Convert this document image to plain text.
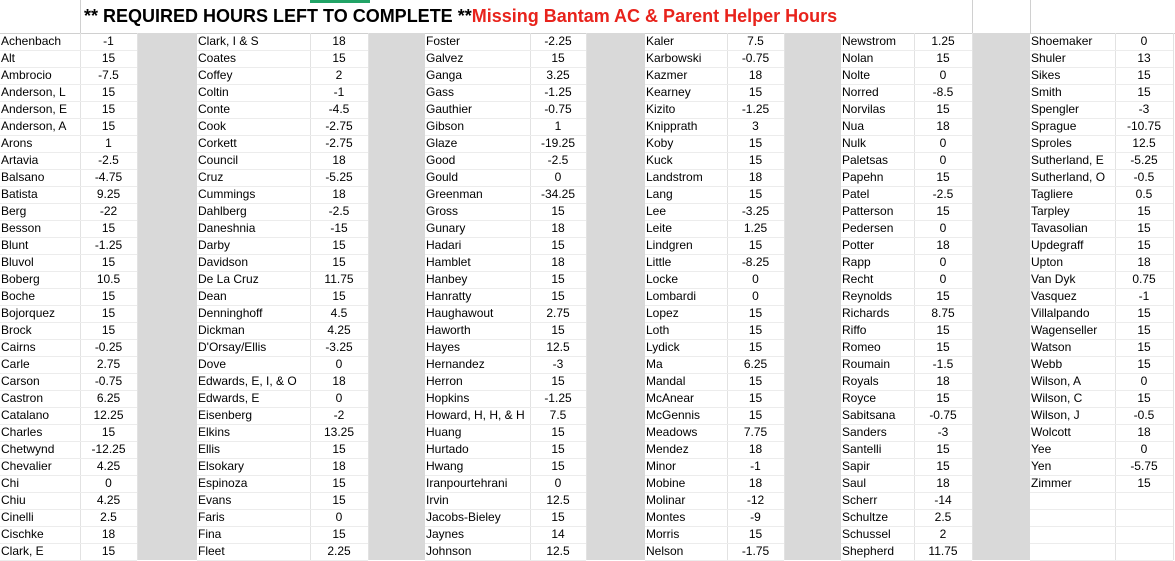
** REQUIRED HOURS LEFT TO COMPLETE **Missing Bantam AC & Parent Helper Hours
Achenbach	-1
Alt	15
Ambrocio	-7.5
Anderson, L	15
Anderson, E	15
Anderson, A	15
Arons	1
Artavia	-2.5
Balsano	-4.75
Batista	9.25
Berg	-22
Besson	15
Blunt	-1.25
Bluvol	15
Boberg	10.5
Boche	15
Bojorquez	15
Brock	15
Cairns	-0.25
Carle	2.75
Carson	-0.75
Castron	6.25
Catalano	12.25
Charles	15
Chetwynd	-12.25
Chevalier	4.25
Chi	0
Chiu	4.25
Cinelli	2.5
Cischke	18
Clark, E	15
Clark, I & S	18
Coates	15
Coffey	2
Coltin	-1
Conte	-4.5
Cook	-2.75
Corkett	-2.75
Council	18
Cruz	-5.25
Cummings	18
Dahlberg	-2.5
Daneshnia	-15
Darby	15
Davidson	15
De La Cruz	11.75
Dean	15
Denninghoff	4.5
Dickman	4.25
D'Orsay/Ellis	-3.25
Dove	0
Edwards, E, I, & O	18
Edwards, E	0
Eisenberg	-2
Elkins	13.25
Ellis	15
Elsokary	18
Espinoza	15
Evans	15
Faris	0
Fina	15
Fleet	2.25
Foster	-2.25
Galvez	15
Ganga	3.25
Gass	-1.25
Gauthier	-0.75
Gibson	1
Glaze	-19.25
Good	-2.5
Gould	0
Greenman	-34.25
Gross	15
Gunary	18
Hadari	15
Hamblet	18
Hanbey	15
Hanratty	15
Haughawout	2.75
Haworth	15
Hayes	12.5
Hernandez	-3
Herron	15
Hopkins	-1.25
Howard, H, H, & H	7.5
Huang	15
Hurtado	15
Hwang	15
Iranpourtehrani	0
Irvin	12.5
Jacobs-Bieley	15
Jaynes	14
Johnson	12.5
Kaler	7.5
Karbowski	-0.75
Kazmer	18
Kearney	15
Kizito	-1.25
Knipprath	3
Koby	15
Kuck	15
Landstrom	18
Lang	15
Lee	-3.25
Leite	1.25
Lindgren	15
Little	-8.25
Locke	0
Lombardi	0
Lopez	15
Loth	15
Lydick	15
Ma	6.25
Mandal	15
McAnear	15
McGennis	15
Meadows	7.75
Mendez	18
Minor	-1
Mobine	18
Molinar	-12
Montes	-9
Morris	15
Nelson	-1.75
Newstrom	1.25
Nolan	15
Nolte	0
Norred	-8.5
Norvilas	15
Nua	18
Nulk	0
Paletsas	0
Papehn	15
Patel	-2.5
Patterson	15
Pedersen	0
Potter	18
Rapp	0
Recht	0
Reynolds	15
Richards	8.75
Riffo	15
Romeo	15
Roumain	-1.5
Royals	18
Royce	15
Sabitsana	-0.75
Sanders	-3
Santelli	15
Sapir	15
Saul	18
Scherr	-14
Schultze	2.5
Schussel	2
Shepherd	11.75
Shoemaker	0
Shuler	13
Sikes	15
Smith	15
Spengler	-3
Sprague	-10.75
Sproles	12.5
Sutherland, E	-5.25
Sutherland, O	-0.5
Tagliere	0.5
Tarpley	15
Tavasolian	15
Updegraff	15
Upton	18
Van Dyk	0.75
Vasquez	-1
Villalpando	15
Wagenseller	15
Watson	15
Webb	15
Wilson, A	0
Wilson, C	15
Wilson, J	-0.5
Wolcott	18
Yee	0
Yen	-5.75
Zimmer	15
